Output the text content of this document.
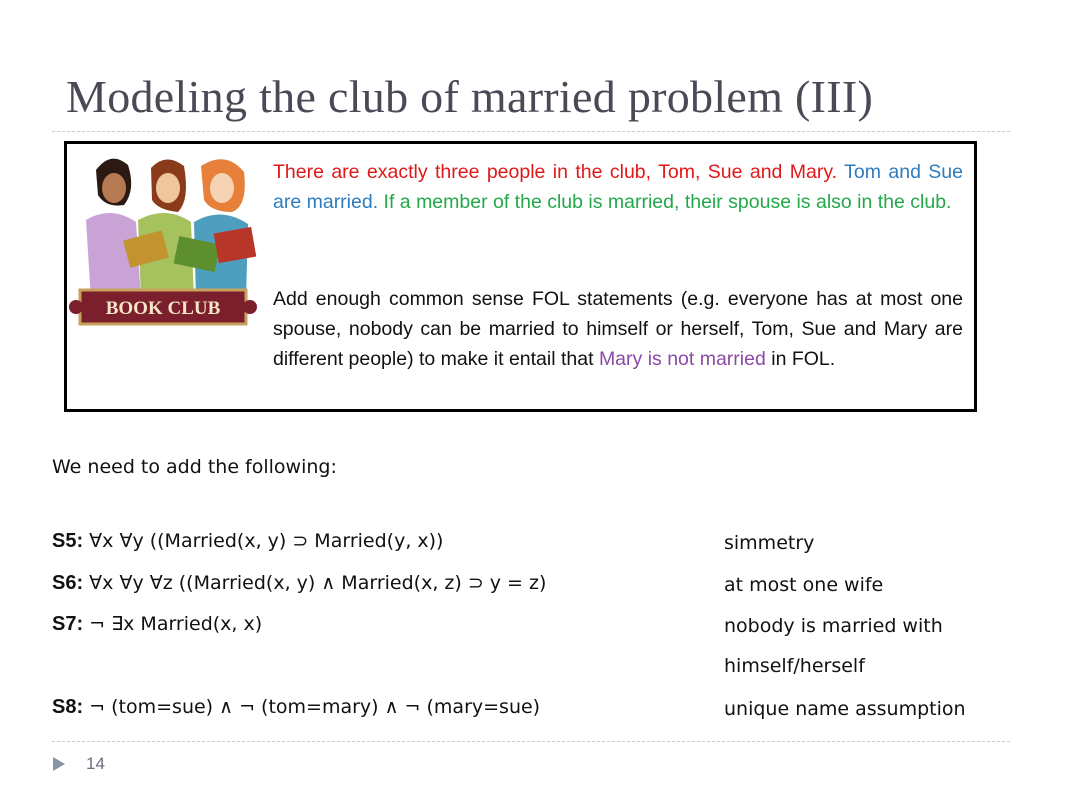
Modeling the club of married problem (III)
BOOK CLUB
There are exactly three people in the club, Tom, Sue and Mary. Tom and Sue are married. If a member of the club is married, their spouse is also in the club.
Add enough common sense FOL statements (e.g. everyone has at most one spouse, nobody can be married to himself or herself, Tom, Sue and Mary are different people) to make it entail that Mary is not married in FOL.
We need to add the following:
S5: ∀x ∀y ((Married(x, y) ⊃ Married(y, x))	simmetry
S6: ∀x ∀y ∀z ((Married(x, y) ∧ Married(x, z) ⊃ y = z)	at most one wife
S7: ¬ ∃x Married(x, x)	nobody is married with
himself/herself
S8: ¬ (tom=sue) ∧ ¬ (tom=mary) ∧ ¬ (mary=sue)	unique name assumption
14
